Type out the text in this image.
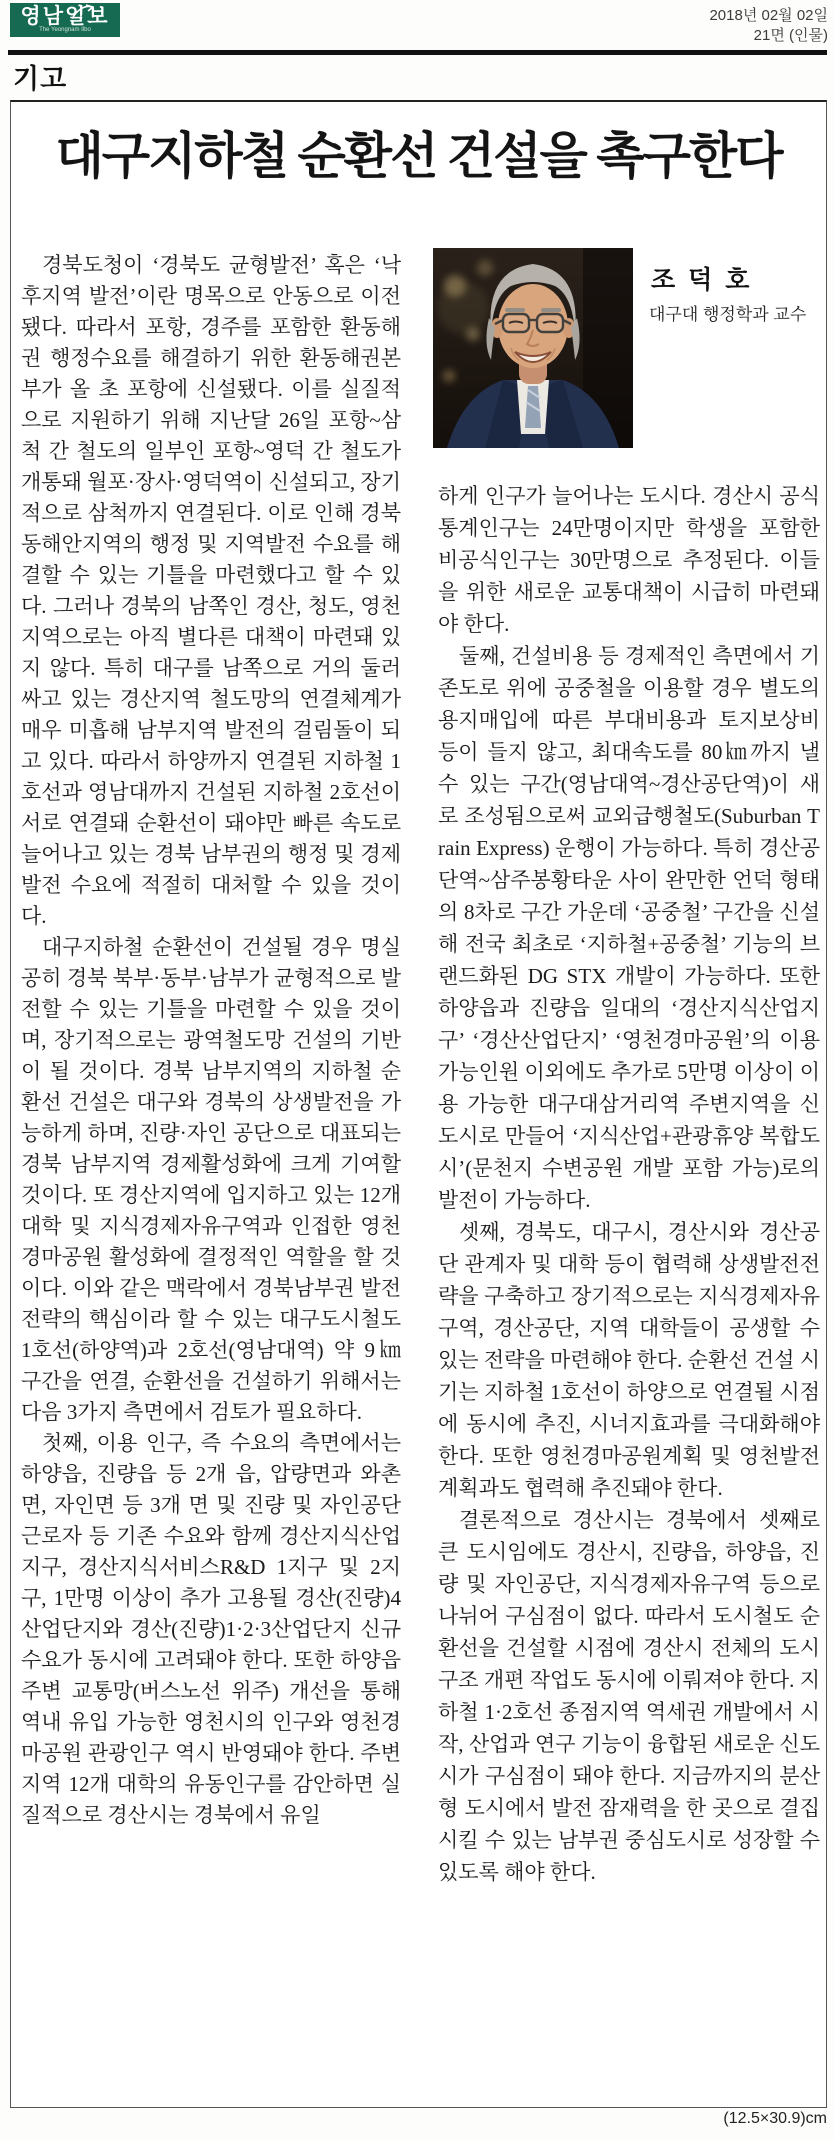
영남일보
The Yeongnam Ilbo
2018년 02월 02일
21면 (인물)
기고
대구지하철 순환선 건설을 촉구한다
조 덕 호
대구대 행정학과 교수

경북도청이 ‘경북도 균형발전’ 혹은 ‘낙후지역 발전’이란 명목으로 안동으로 이전됐다. 따라서 포항, 경주를 포함한 환동해권 행정수요를 해결하기 위한 환동해권본부가 올 초 포항에 신설됐다. 이를 실질적으로 지원하기 위해 지난달 26일 포항~삼척 간 철도의 일부인 포항~영덕 간 철도가 개통돼 월포·장사·영덕역이 신설되고, 장기적으로 삼척까지 연결된다. 이로 인해 경북 동해안지역의 행정 및 지역발전 수요를 해결할 수 있는 기틀을 마련했다고 할 수 있다. 그러나 경북의 남쪽인 경산, 청도, 영천지역으로는 아직 별다른 대책이 마련돼 있지 않다. 특히 대구를 남쪽으로 거의 둘러싸고 있는 경산지역 철도망의 연결체계가 매우 미흡해 남부지역 발전의 걸림돌이 되고 있다. 따라서 하양까지 연결된 지하철 1호선과 영남대까지 건설된 지하철 2호선이 서로 연결돼 순환선이 돼야만 빠른 속도로 늘어나고 있는 경북 남부권의 행정 및 경제발전 수요에 적절히 대처할 수 있을 것이다.

대구지하철 순환선이 건설될 경우 명실공히 경북 북부·동부·남부가 균형적으로 발전할 수 있는 기틀을 마련할 수 있을 것이며, 장기적으로는 광역철도망 건설의 기반이 될 것이다. 경북 남부지역의 지하철 순환선 건설은 대구와 경북의 상생발전을 가능하게 하며, 진량·자인 공단으로 대표되는 경북 남부지역 경제활성화에 크게 기여할 것이다. 또 경산지역에 입지하고 있는 12개 대학 및 지식경제자유구역과 인접한 영천 경마공원 활성화에 결정적인 역할을 할 것이다. 이와 같은 맥락에서 경북남부권 발전전략의 핵심이라 할 수 있는 대구도시철도 1호선(하양역)과 2호선(영남대역) 약 9㎞ 구간을 연결, 순환선을 건설하기 위해서는 다음 3가지 측면에서 검토가 필요하다.

첫째, 이용 인구, 즉 수요의 측면에서는 하양읍, 진량읍 등 2개 읍, 압량면과 와촌면, 자인면 등 3개 면 및 진량 및 자인공단 근로자 등 기존 수요와 함께 경산지식산업지구, 경산지식서비스R&D 1지구 및 2지구, 1만명 이상이 추가 고용될 경산(진량)4산업단지와 경산(진량)1·2·3산업단지 신규 수요가 동시에 고려돼야 한다. 또한 하양읍 주변 교통망(버스노선 위주) 개선을 통해 역내 유입 가능한 영천시의 인구와 영천경마공원 관광인구 역시 반영돼야 한다. 주변지역 12개 대학의 유동인구를 감안하면 실질적으로 경산시는 경북에서 유일

하게 인구가 늘어나는 도시다. 경산시 공식통계인구는 24만명이지만 학생을 포함한 비공식인구는 30만명으로 추정된다. 이들을 위한 새로운 교통대책이 시급히 마련돼야 한다.

둘째, 건설비용 등 경제적인 측면에서 기존도로 위에 공중철을 이용할 경우 별도의 용지매입에 따른 부대비용과 토지보상비 등이 들지 않고, 최대속도를 80㎞까지 낼 수 있는 구간(영남대역~경산공단역)이 새로 조성됨으로써 교외급행철도(Suburban Train Express) 운행이 가능하다. 특히 경산공단역~삼주봉황타운 사이 완만한 언덕 형태의 8차로 구간 가운데 ‘공중철’ 구간을 신설해 전국 최초로 ‘지하철+공중철’ 기능의 브랜드화된 DG STX 개발이 가능하다. 또한 하양읍과 진량읍 일대의 ‘경산지식산업지구’ ‘경산산업단지’ ‘영천경마공원’의 이용가능인원 이외에도 추가로 5만명 이상이 이용 가능한 대구대삼거리역 주변지역을 신도시로 만들어 ‘지식산업+관광휴양 복합도시’(문천지 수변공원 개발 포함 가능)로의 발전이 가능하다.

셋째, 경북도, 대구시, 경산시와 경산공단 관계자 및 대학 등이 협력해 상생발전전략을 구축하고 장기적으로는 지식경제자유구역, 경산공단, 지역 대학들이 공생할 수 있는 전략을 마련해야 한다. 순환선 건설 시기는 지하철 1호선이 하양으로 연결될 시점에 동시에 추진, 시너지효과를 극대화해야 한다. 또한 영천경마공원계획 및 영천발전계획과도 협력해 추진돼야 한다.

결론적으로 경산시는 경북에서 셋째로 큰 도시임에도 경산시, 진량읍, 하양읍, 진량 및 자인공단, 지식경제자유구역 등으로 나뉘어 구심점이 없다. 따라서 도시철도 순환선을 건설할 시점에 경산시 전체의 도시구조 개편 작업도 동시에 이뤄져야 한다. 지하철 1·2호선 종점지역 역세권 개발에서 시작, 산업과 연구 기능이 융합된 새로운 신도시가 구심점이 돼야 한다. 지금까지의 분산형 도시에서 발전 잠재력을 한 곳으로 결집시킬 수 있는 남부권 중심도시로 성장할 수 있도록 해야 한다.

(12.5×30.9)cm
